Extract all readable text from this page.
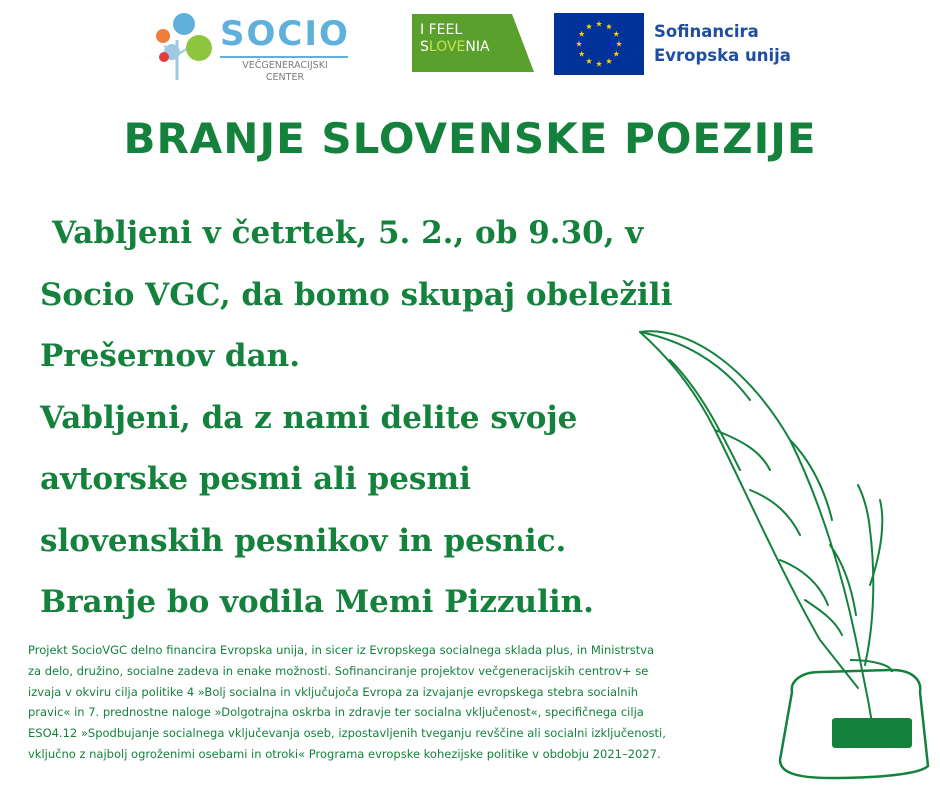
SOCIO
VEČGENERACIJSKI
CENTER
I FEEL
SLOVENIA
Sofinancira
Evropska unija
BRANJE SLOVENSKE POEZIJE
Vabljeni v četrtek, 5. 2., ob 9.30, v
Socio VGC, da bomo skupaj obeležili
Prešernov dan.
Vabljeni, da z nami delite svoje
avtorske pesmi ali pesmi
slovenskih pesnikov in pesnic.
Branje bo vodila Memi Pizzulin.
Projekt SocioVGC delno financira Evropska unija, in sicer iz Evropskega socialnega sklada plus, in Ministrstva
za delo, družino, socialne zadeva in enake možnosti. Sofinanciranje projektov večgeneracijskih centrov+ se
izvaja v okviru cilja politike 4 »Bolj socialna in vključujoča Evropa za izvajanje evropskega stebra socialnih
pravic« in 7. prednostne naloge »Dolgotrajna oskrba in zdravje ter socialna vključenost«, specifičnega cilja
ESO4.12 »Spodbujanje socialnega vključevanja oseb, izpostavljenih tveganju revščine ali socialni izključenosti,
vključno z najbolj ogroženimi osebami in otroki« Programa evropske kohezijske politike v obdobju 2021–2027.
